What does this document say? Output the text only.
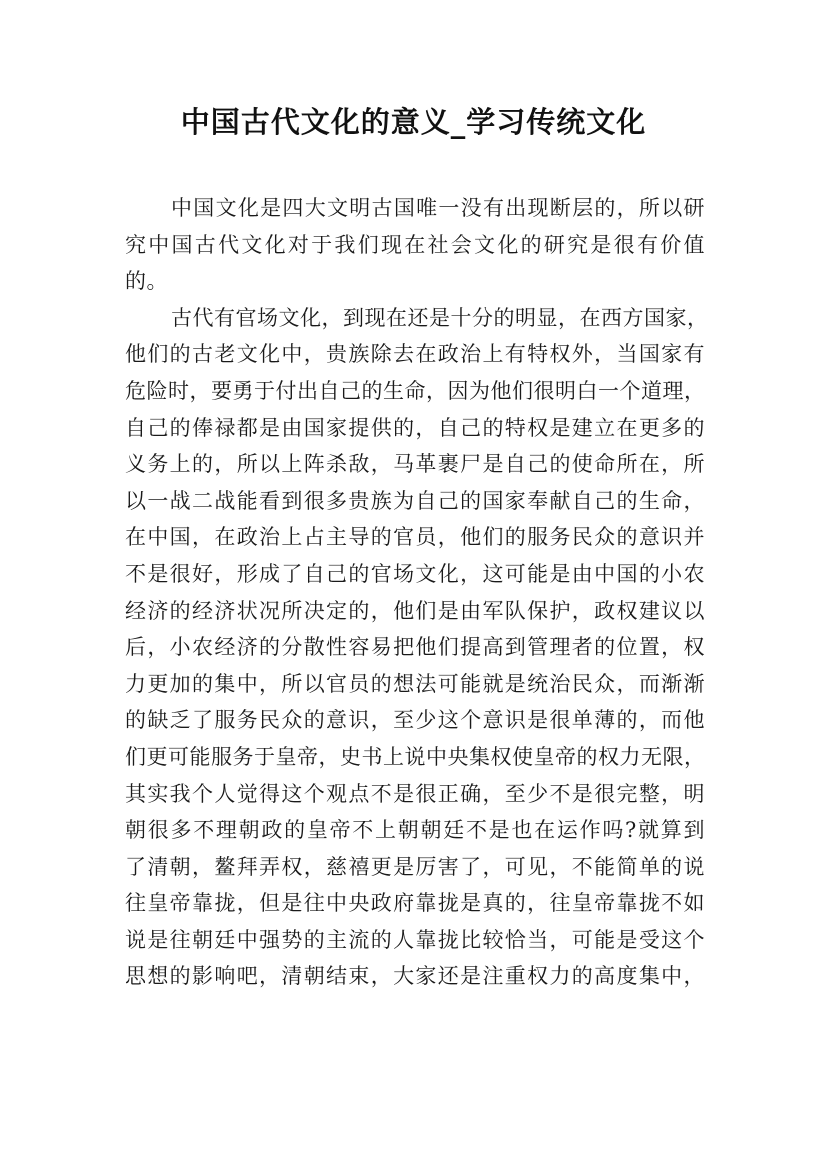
中国古代文化的意义_学习传统文化
中国文化是四大文明古国唯一没有出现断层的，所以研
究中国古代文化对于我们现在社会文化的研究是很有价值
的。
古代有官场文化，到现在还是十分的明显，在西方国家，
他们的古老文化中，贵族除去在政治上有特权外，当国家有
危险时，要勇于付出自己的生命，因为他们很明白一个道理，
自己的俸禄都是由国家提供的，自己的特权是建立在更多的
义务上的，所以上阵杀敌，马革裹尸是自己的使命所在，所
以一战二战能看到很多贵族为自己的国家奉献自己的生命，
在中国，在政治上占主导的官员，他们的服务民众的意识并
不是很好，形成了自己的官场文化，这可能是由中国的小农
经济的经济状况所决定的，他们是由军队保护，政权建议以
后，小农经济的分散性容易把他们提高到管理者的位置，权
力更加的集中，所以官员的想法可能就是统治民众，而渐渐
的缺乏了服务民众的意识，至少这个意识是很单薄的，而他
们更可能服务于皇帝，史书上说中央集权使皇帝的权力无限，
其实我个人觉得这个观点不是很正确，至少不是很完整，明
朝很多不理朝政的皇帝不上朝朝廷不是也在运作吗?就算到
了清朝，鳌拜弄权，慈禧更是厉害了，可见，不能简单的说
往皇帝靠拢，但是往中央政府靠拢是真的，往皇帝靠拢不如
说是往朝廷中强势的主流的人靠拢比较恰当，可能是受这个
思想的影响吧，清朝结束，大家还是注重权力的高度集中，
